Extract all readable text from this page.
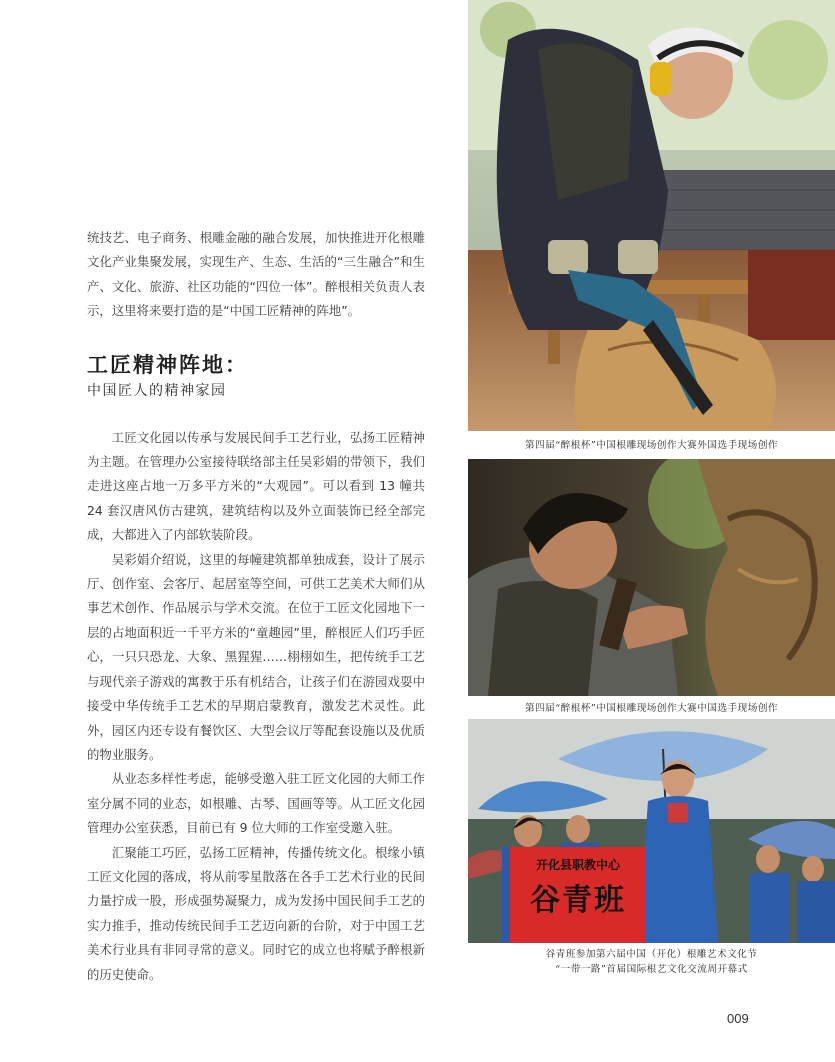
统技艺、电子商务、根雕金融的融合发展，加快推进开化根雕文化产业集聚发展，实现生产、生态、生活的“三生融合”和生产、文化、旅游、社区功能的“四位一体”。醉根相关负责人表示，这里将来要打造的是“中国工匠精神的阵地”。

工匠精神阵地：
中国匠人的精神家园

工匠文化园以传承与发展民间手工艺行业，弘扬工匠精神为主题。在管理办公室接待联络部主任吴彩娟的带领下，我们走进这座占地一万多平方米的“大观园”。可以看到 13 幢共 24 套汉唐风仿古建筑，建筑结构以及外立面装饰已经全部完成，大都进入了内部软装阶段。

吴彩娟介绍说，这里的每幢建筑都单独成套，设计了展示厅、创作室、会客厅、起居室等空间，可供工艺美术大师们从事艺术创作、作品展示与学术交流。在位于工匠文化园地下一层的占地面积近一千平方米的“童趣园”里，醉根匠人们巧手匠心，一只只恐龙、大象、黑猩猩……栩栩如生，把传统手工艺与现代亲子游戏的寓教于乐有机结合，让孩子们在游园戏耍中接受中华传统手工艺术的早期启蒙教育，激发艺术灵性。此外，园区内还专设有餐饮区、大型会议厅等配套设施以及优质的物业服务。

从业态多样性考虑，能够受邀入驻工匠文化园的大师工作室分属不同的业态，如根雕、古琴、国画等等。从工匠文化园管理办公室获悉，目前已有 9 位大师的工作室受邀入驻。

汇聚能工巧匠，弘扬工匠精神，传播传统文化。根缘小镇工匠文化园的落成，将从前零星散落在各手工艺术行业的民间力量拧成一股，形成强势凝聚力，成为发扬中国民间手工艺的实力推手，推动传统民间手工艺迈向新的台阶，对于中国工艺美术行业具有非同寻常的意义。同时它的成立也将赋予醉根新的历史使命。

第四届“醉根杯”中国根雕现场创作大赛外国选手现场创作
第四届“醉根杯”中国根雕现场创作大赛中国选手现场创作
开化县职教中心
谷青班
谷青班参加第六届中国（开化）根雕艺术文化节
“一带一路”首届国际根艺文化交流周开幕式
009
